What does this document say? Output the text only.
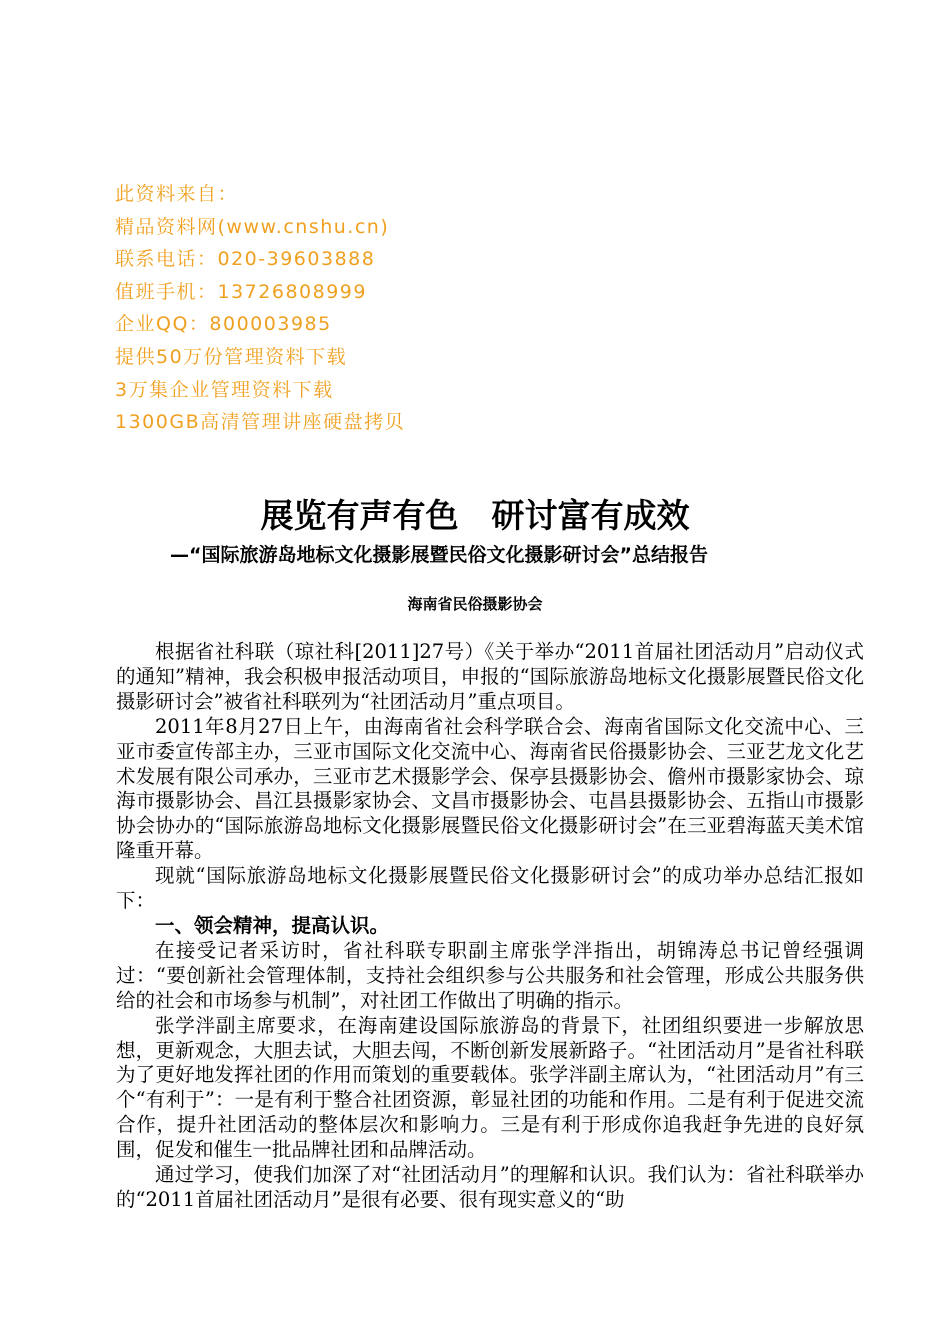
此资料来自：
精品资料网(www.cnshu.cn)
联系电话：020-39603888
值班手机：13726808999
企业QQ：800003985
提供50万份管理资料下载
3万集企业管理资料下载
1300GB高清管理讲座硬盘拷贝
展览有声有色　研讨富有成效
—“国际旅游岛地标文化摄影展暨民俗文化摄影研讨会”总结报告
海南省民俗摄影协会

根据省社科联（琼社科[2011]27号）《关于举办“2011首届社团活动月”启动仪式的通知”精神，我会积极申报活动项目，申报的“国际旅游岛地标文化摄影展暨民俗文化摄影研讨会”被省社科联列为“社团活动月”重点项目。

2011年8月27日上午，由海南省社会科学联合会、海南省国际文化交流中心、三亚市委宣传部主办，三亚市国际文化交流中心、海南省民俗摄影协会、三亚艺龙文化艺术发展有限公司承办，三亚市艺术摄影学会、保亭县摄影协会、儋州市摄影家协会、琼海市摄影协会、昌江县摄影家协会、文昌市摄影协会、屯昌县摄影协会、五指山市摄影协会协办的“国际旅游岛地标文化摄影展暨民俗文化摄影研讨会”在三亚碧海蓝天美术馆隆重开幕。

现就“国际旅游岛地标文化摄影展暨民俗文化摄影研讨会”的成功举办总结汇报如下：

一、领会精神，提高认识。

在接受记者采访时，省社科联专职副主席张学泮指出，胡锦涛总书记曾经强调过：“要创新社会管理体制，支持社会组织参与公共服务和社会管理，形成公共服务供给的社会和市场参与机制”，对社团工作做出了明确的指示。

张学泮副主席要求，在海南建设国际旅游岛的背景下，社团组织要进一步解放思想，更新观念，大胆去试，大胆去闯，不断创新发展新路子。“社团活动月”是省社科联为了更好地发挥社团的作用而策划的重要载体。张学泮副主席认为，“社团活动月”有三个“有利于”：一是有利于整合社团资源，彰显社团的功能和作用。二是有利于促进交流合作，提升社团活动的整体层次和影响力。三是有利于形成你追我赶争先进的良好氛围，促发和催生一批品牌社团和品牌活动。

通过学习，使我们加深了对“社团活动月”的理解和认识。我们认为：省社科联举办的“2011首届社团活动月”是很有必要、很有现实意义的“助
